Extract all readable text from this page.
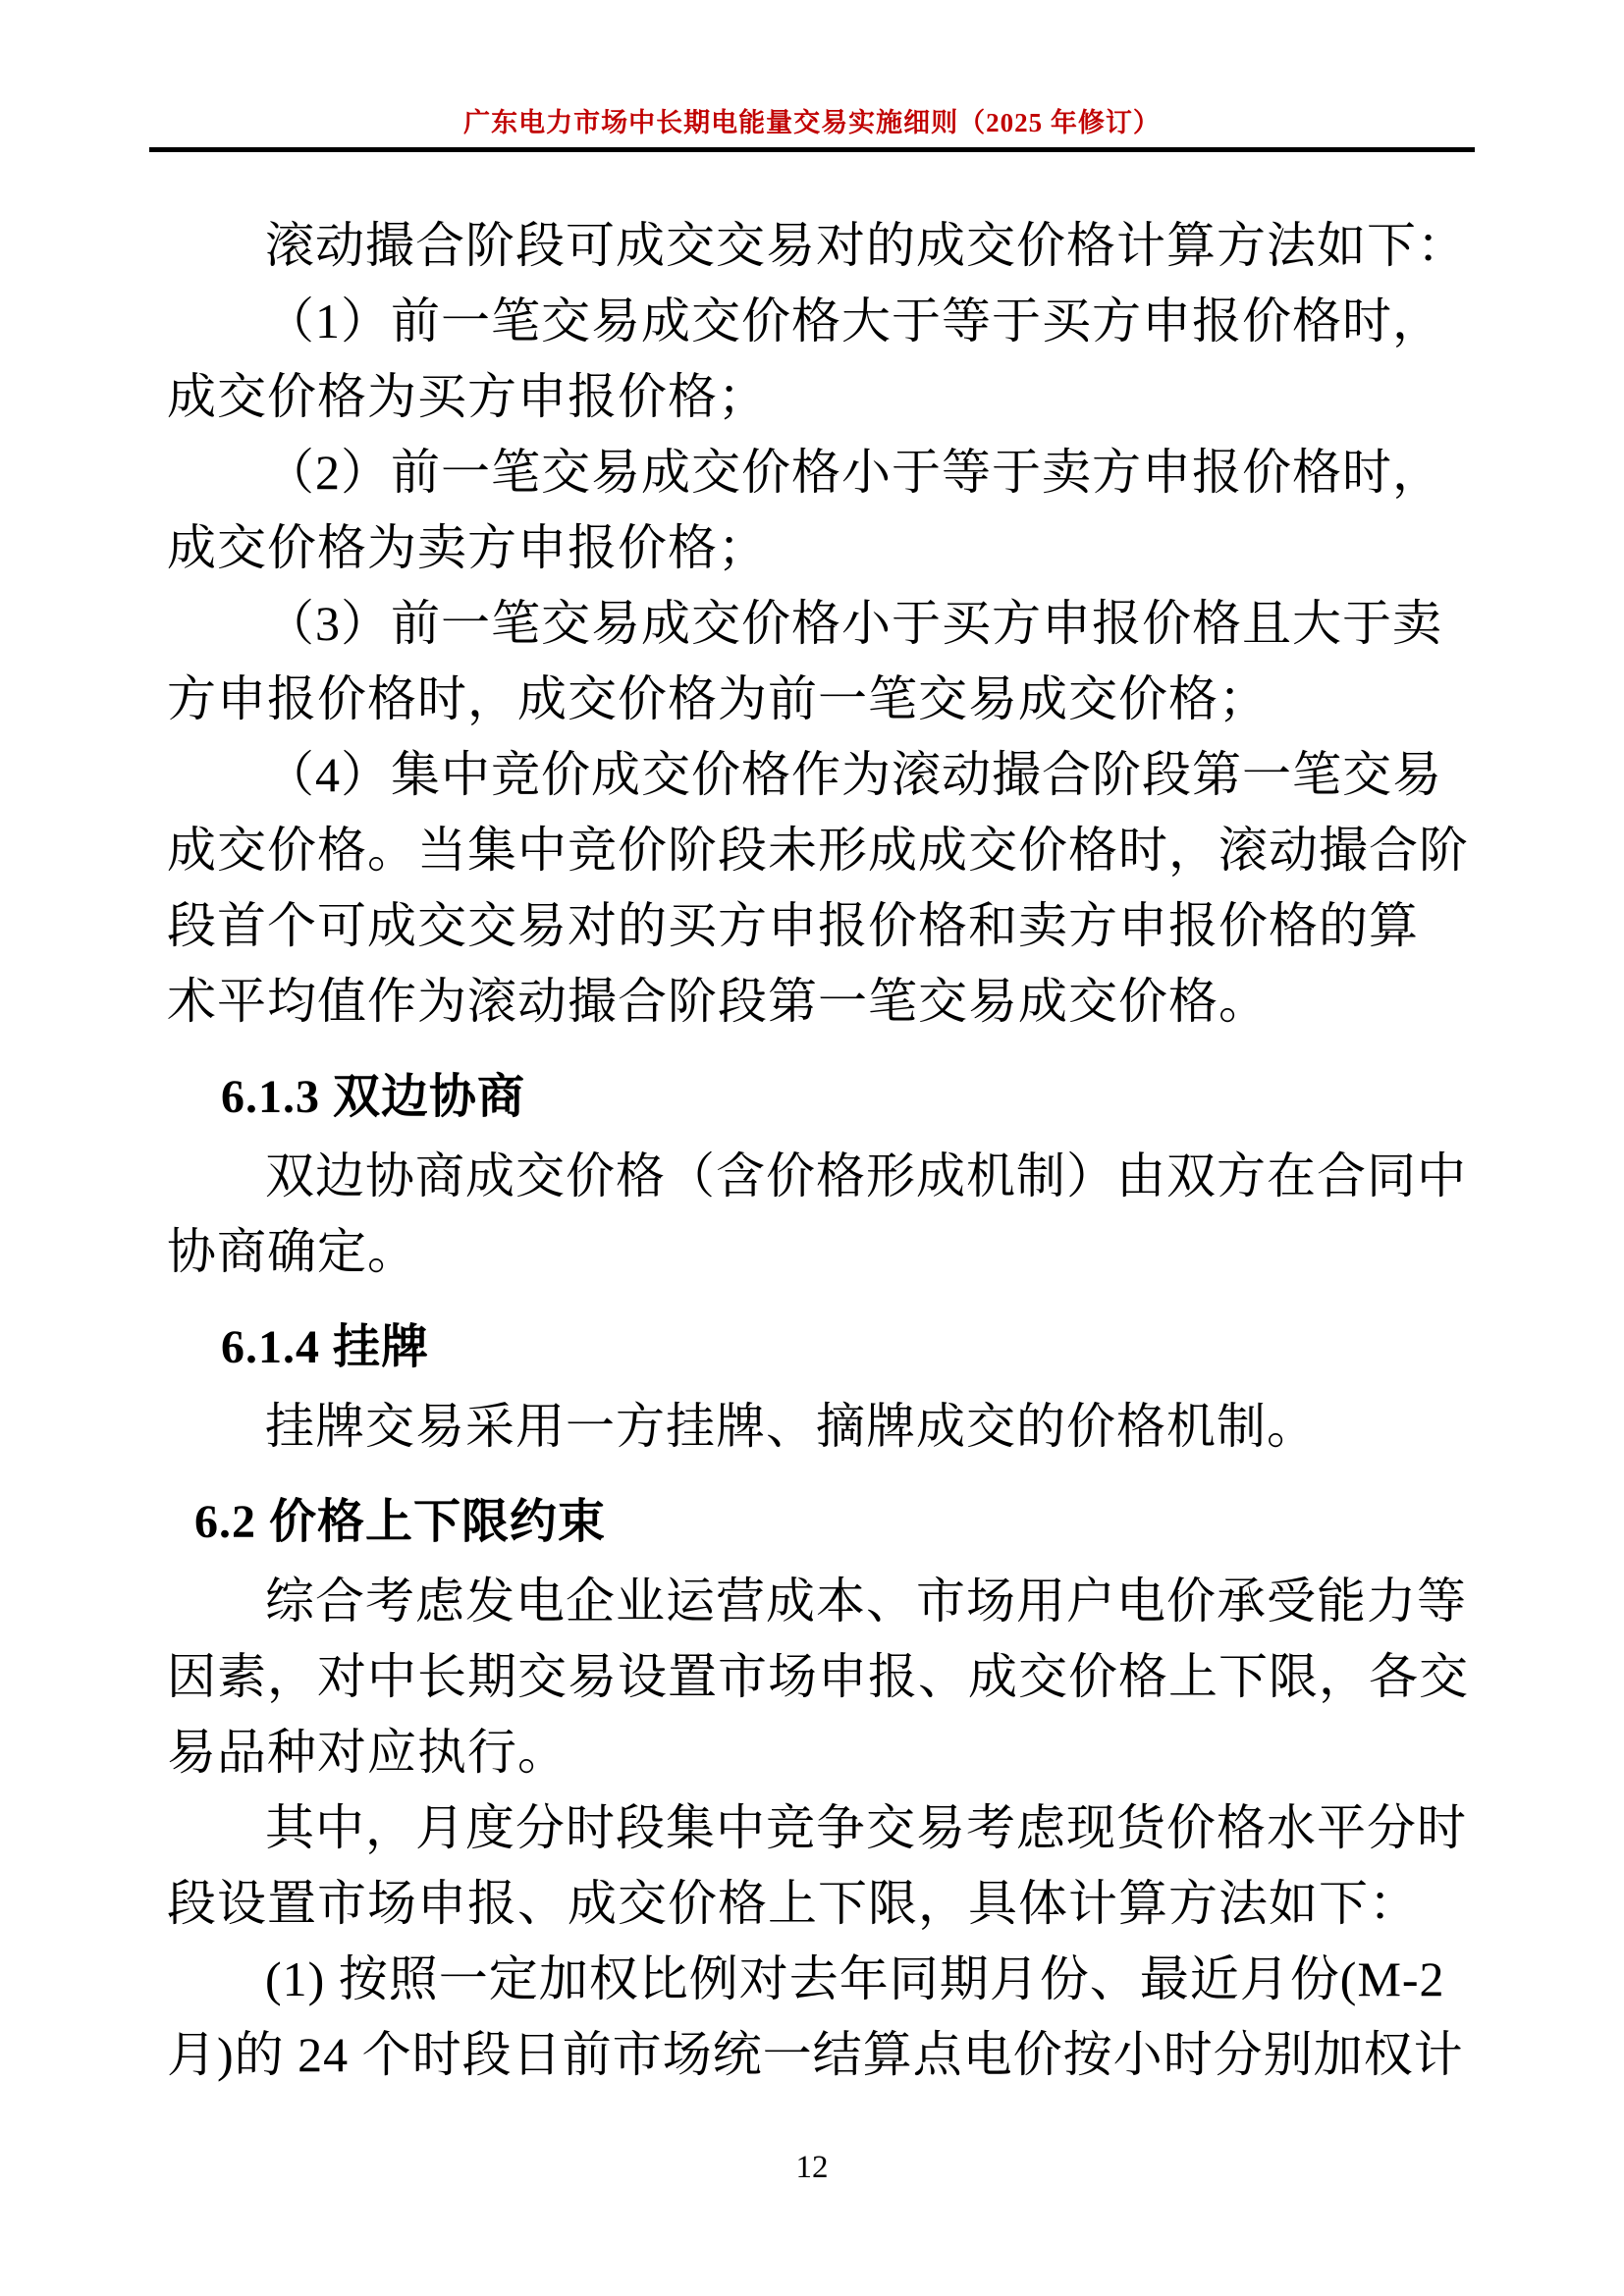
广东电力市场中长期电能量交易实施细则（2025 年修订）
滚动撮合阶段可成交交易对的成交价格计算方法如下：
（1）前一笔交易成交价格大于等于买方申报价格时，
成交价格为买方申报价格；
（2）前一笔交易成交价格小于等于卖方申报价格时，
成交价格为卖方申报价格；
（3）前一笔交易成交价格小于买方申报价格且大于卖
方申报价格时，成交价格为前一笔交易成交价格；
（4）集中竞价成交价格作为滚动撮合阶段第一笔交易
成交价格。当集中竞价阶段未形成成交价格时，滚动撮合阶
段首个可成交交易对的买方申报价格和卖方申报价格的算
术平均值作为滚动撮合阶段第一笔交易成交价格。
6.1.3 双边协商
双边协商成交价格（含价格形成机制）由双方在合同中
协商确定。
6.1.4 挂牌
挂牌交易采用一方挂牌、摘牌成交的价格机制。
6.2 价格上下限约束
综合考虑发电企业运营成本、市场用户电价承受能力等
因素，对中长期交易设置市场申报、成交价格上下限，各交
易品种对应执行。
其中，月度分时段集中竞争交易考虑现货价格水平分时
段设置市场申报、成交价格上下限，具体计算方法如下：
(1) 按照一定加权比例对去年同期月份、最近月份(M-2
月)的 24 个时段日前市场统一结算点电价按小时分别加权计
12
